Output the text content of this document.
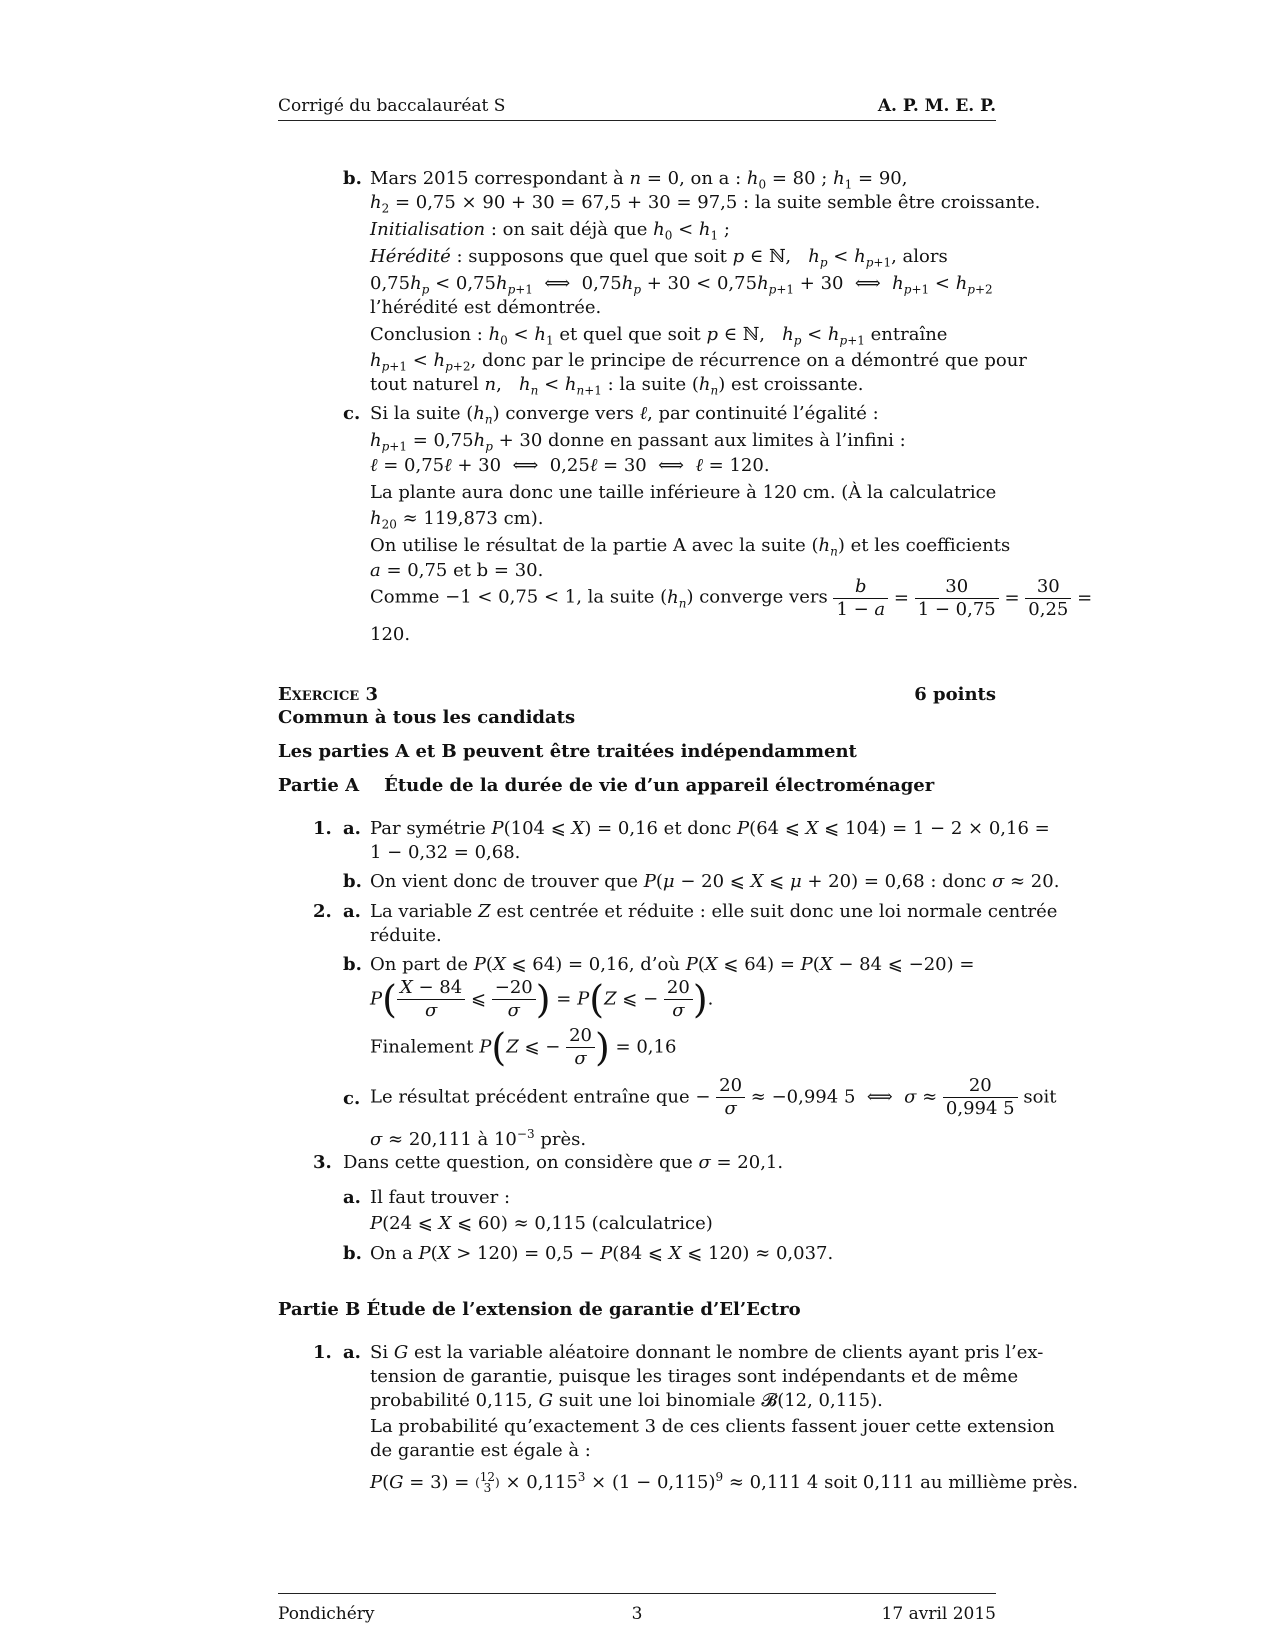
Corrigé du baccalauréat S	A. P. M. E. P.
b. Mars 2015 correspondant à n = 0, on a : $h_0 = 80$ ; $h_1 = 90$,
$h_2 = 0,75 \times 90 + 30 = 67,5 + 30 = 97,5$ : la suite semble être croissante.
Initialisation : on sait déjà que $h_0 < h_1$ ;
Hérédité : supposons que quel que soit p ∈ ℕ,   $h_p < h_{p+1}$, alors
$0,75h_p < 0,75h_{p+1}$  ⟺  $0,75h_p + 30 < 0,75h_{p+1} + 30$  ⟺  $h_{p+1} < h_{p+2}$
l’hérédité est démontrée.
Conclusion : $h_0 < h_1$ et quel que soit p ∈ ℕ,   $h_p < h_{p+1}$ entraîne
$h_{p+1} < h_{p+2}$, donc par le principe de récurrence on a démontré que pour
tout naturel n,   $h_n < h_{n+1}$ : la suite $(h_n)$ est croissante.
c. Si la suite $(h_n)$ converge vers ℓ, par continuité l’égalité :
$h_{p+1} = 0,75h_p + 30$ donne en passant aux limites à l’infini :
ℓ = 0,75ℓ + 30  ⟺  0,25ℓ = 30  ⟺  ℓ = 120.
La plante aura donc une taille inférieure à 120 cm. (À la calculatrice
$h_{20} \approx 119,873$ cm).
On utilise le résultat de la partie A avec la suite $(h_n)$ et les coefficients
a = 0,75 et b = 30.
Comme −1 < 0,75 < 1, la suite $(h_n)$ converge vers $\frac{b}{1 - a} = \frac{30}{1 - 0,75} = \frac{30}{0,25}$ =
120.
Exercice 3	6 points
Commun à tous les candidats
Les parties A et B peuvent être traitées indépendamment
Partie A Étude de la durée de vie d’un appareil électroménager
1. a. Par symétrie P(104 ⩽ X) = 0,16 et donc P(64 ⩽ X ⩽ 104) = 1 − 2 × 0,16 =
1 − 0,32 = 0,68.
b. On vient donc de trouver que P(μ − 20 ⩽ X ⩽ μ + 20) = 0,68 : donc σ ≈ 20.
2. a. La variable Z est centrée et réduite : elle suit donc une loi normale centrée
réduite.
b. On part de P(X ⩽ 64) = 0,16, d’où P(X ⩽ 64) = P(X − 84 ⩽ −20) =
$P( \frac{X - 84}{\sigma}$ ⩽ $\frac{-20}{\sigma}$ ) = P(Z ⩽ − $\frac{20}{\sigma}$ ).
Finalement P(Z ⩽ − $\frac{20}{\sigma}$ ) = 0,16
c. Le résultat précédent entraîne que − $\frac{20}{\sigma} \approx -0,994$ 5  ⟺  $\sigma \approx \frac{20}{0,994 5}$ soit
σ ≈ 20,111 à $10^{-3}$ près.
3. Dans cette question, on considère que σ = 20,1.
a. Il faut trouver :
P(24 ⩽ X ⩽ 60) ≈ 0,115 (calculatrice)
b. On a P(X > 120) = 0,5 − P(84 ⩽ X ⩽ 120) ≈ 0,037.
Partie B Étude de l’extension de garantie d’El’Ectro
1. a. Si G est la variable aléatoire donnant le nombre de clients ayant pris l’ex-
tension de garantie, puisque les tirages sont indépendants et de même
probabilité 0,115, G suit une loi binomiale 𝓑(12, 0,115).
La probabilité qu’exactement 3 de ces clients fassent jouer cette extension
de garantie est égale à :
P(G = 3) = (12
3 ) × $0,115^3 \times (1 - 0,115)^9 \approx 0,111$ 4 soit 0,111 au millième près.
Pondichéry	3	17 avril 2015
